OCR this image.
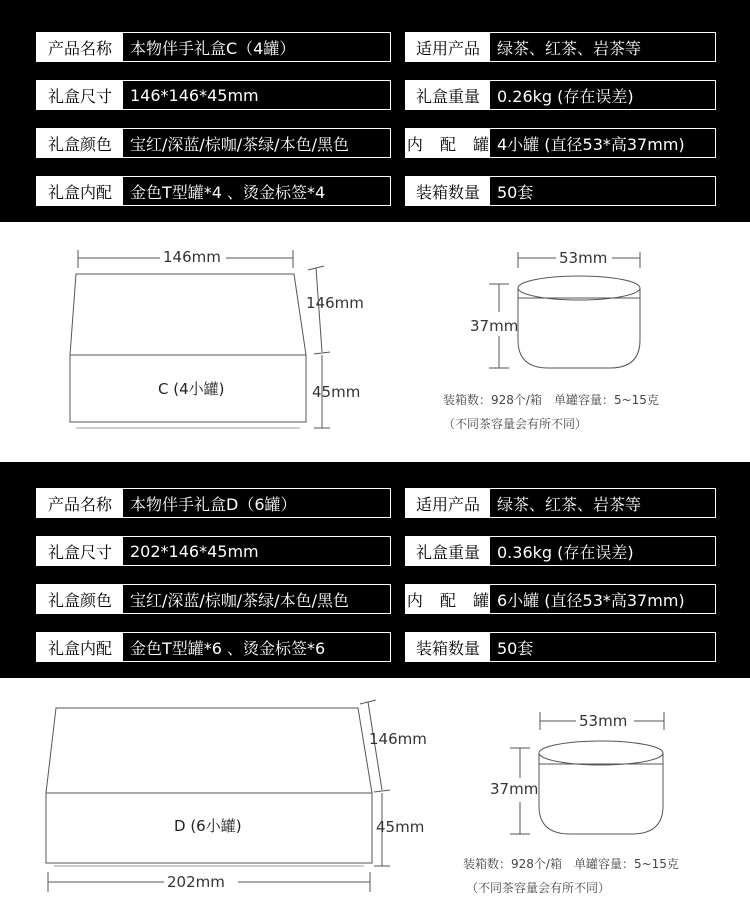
产品名称	本物伴手礼盒C（4罐）	适用产品	绿茶、红茶、岩茶等
礼盒尺寸	146*146*45mm	礼盒重量	0.26kg (存在误差)
礼盒颜色	宝红/深蓝/棕咖/茶绿/本色/黑色	内 配 罐 4小罐 (直径53*高37mm)
礼盒内配	金色T型罐*4 、烫金标签*4	装箱数量	50套
146mm
146mm
45mm
C (4小罐)
53mm
37mm
装箱数：928个/箱　单罐容量：5~15克
（不同茶容量会有所不同）
产品名称	本物伴手礼盒D（6罐）	适用产品	绿茶、红茶、岩茶等
礼盒尺寸	202*146*45mm	礼盒重量	0.36kg (存在误差)
礼盒颜色	宝红/深蓝/棕咖/茶绿/本色/黑色	内 配 罐 6小罐 (直径53*高37mm)
礼盒内配	金色T型罐*6 、烫金标签*6	装箱数量	50套
146mm
45mm
D (6小罐)
202mm
53mm
37mm
装箱数：928个/箱　单罐容量：5~15克
（不同茶容量会有所不同）
